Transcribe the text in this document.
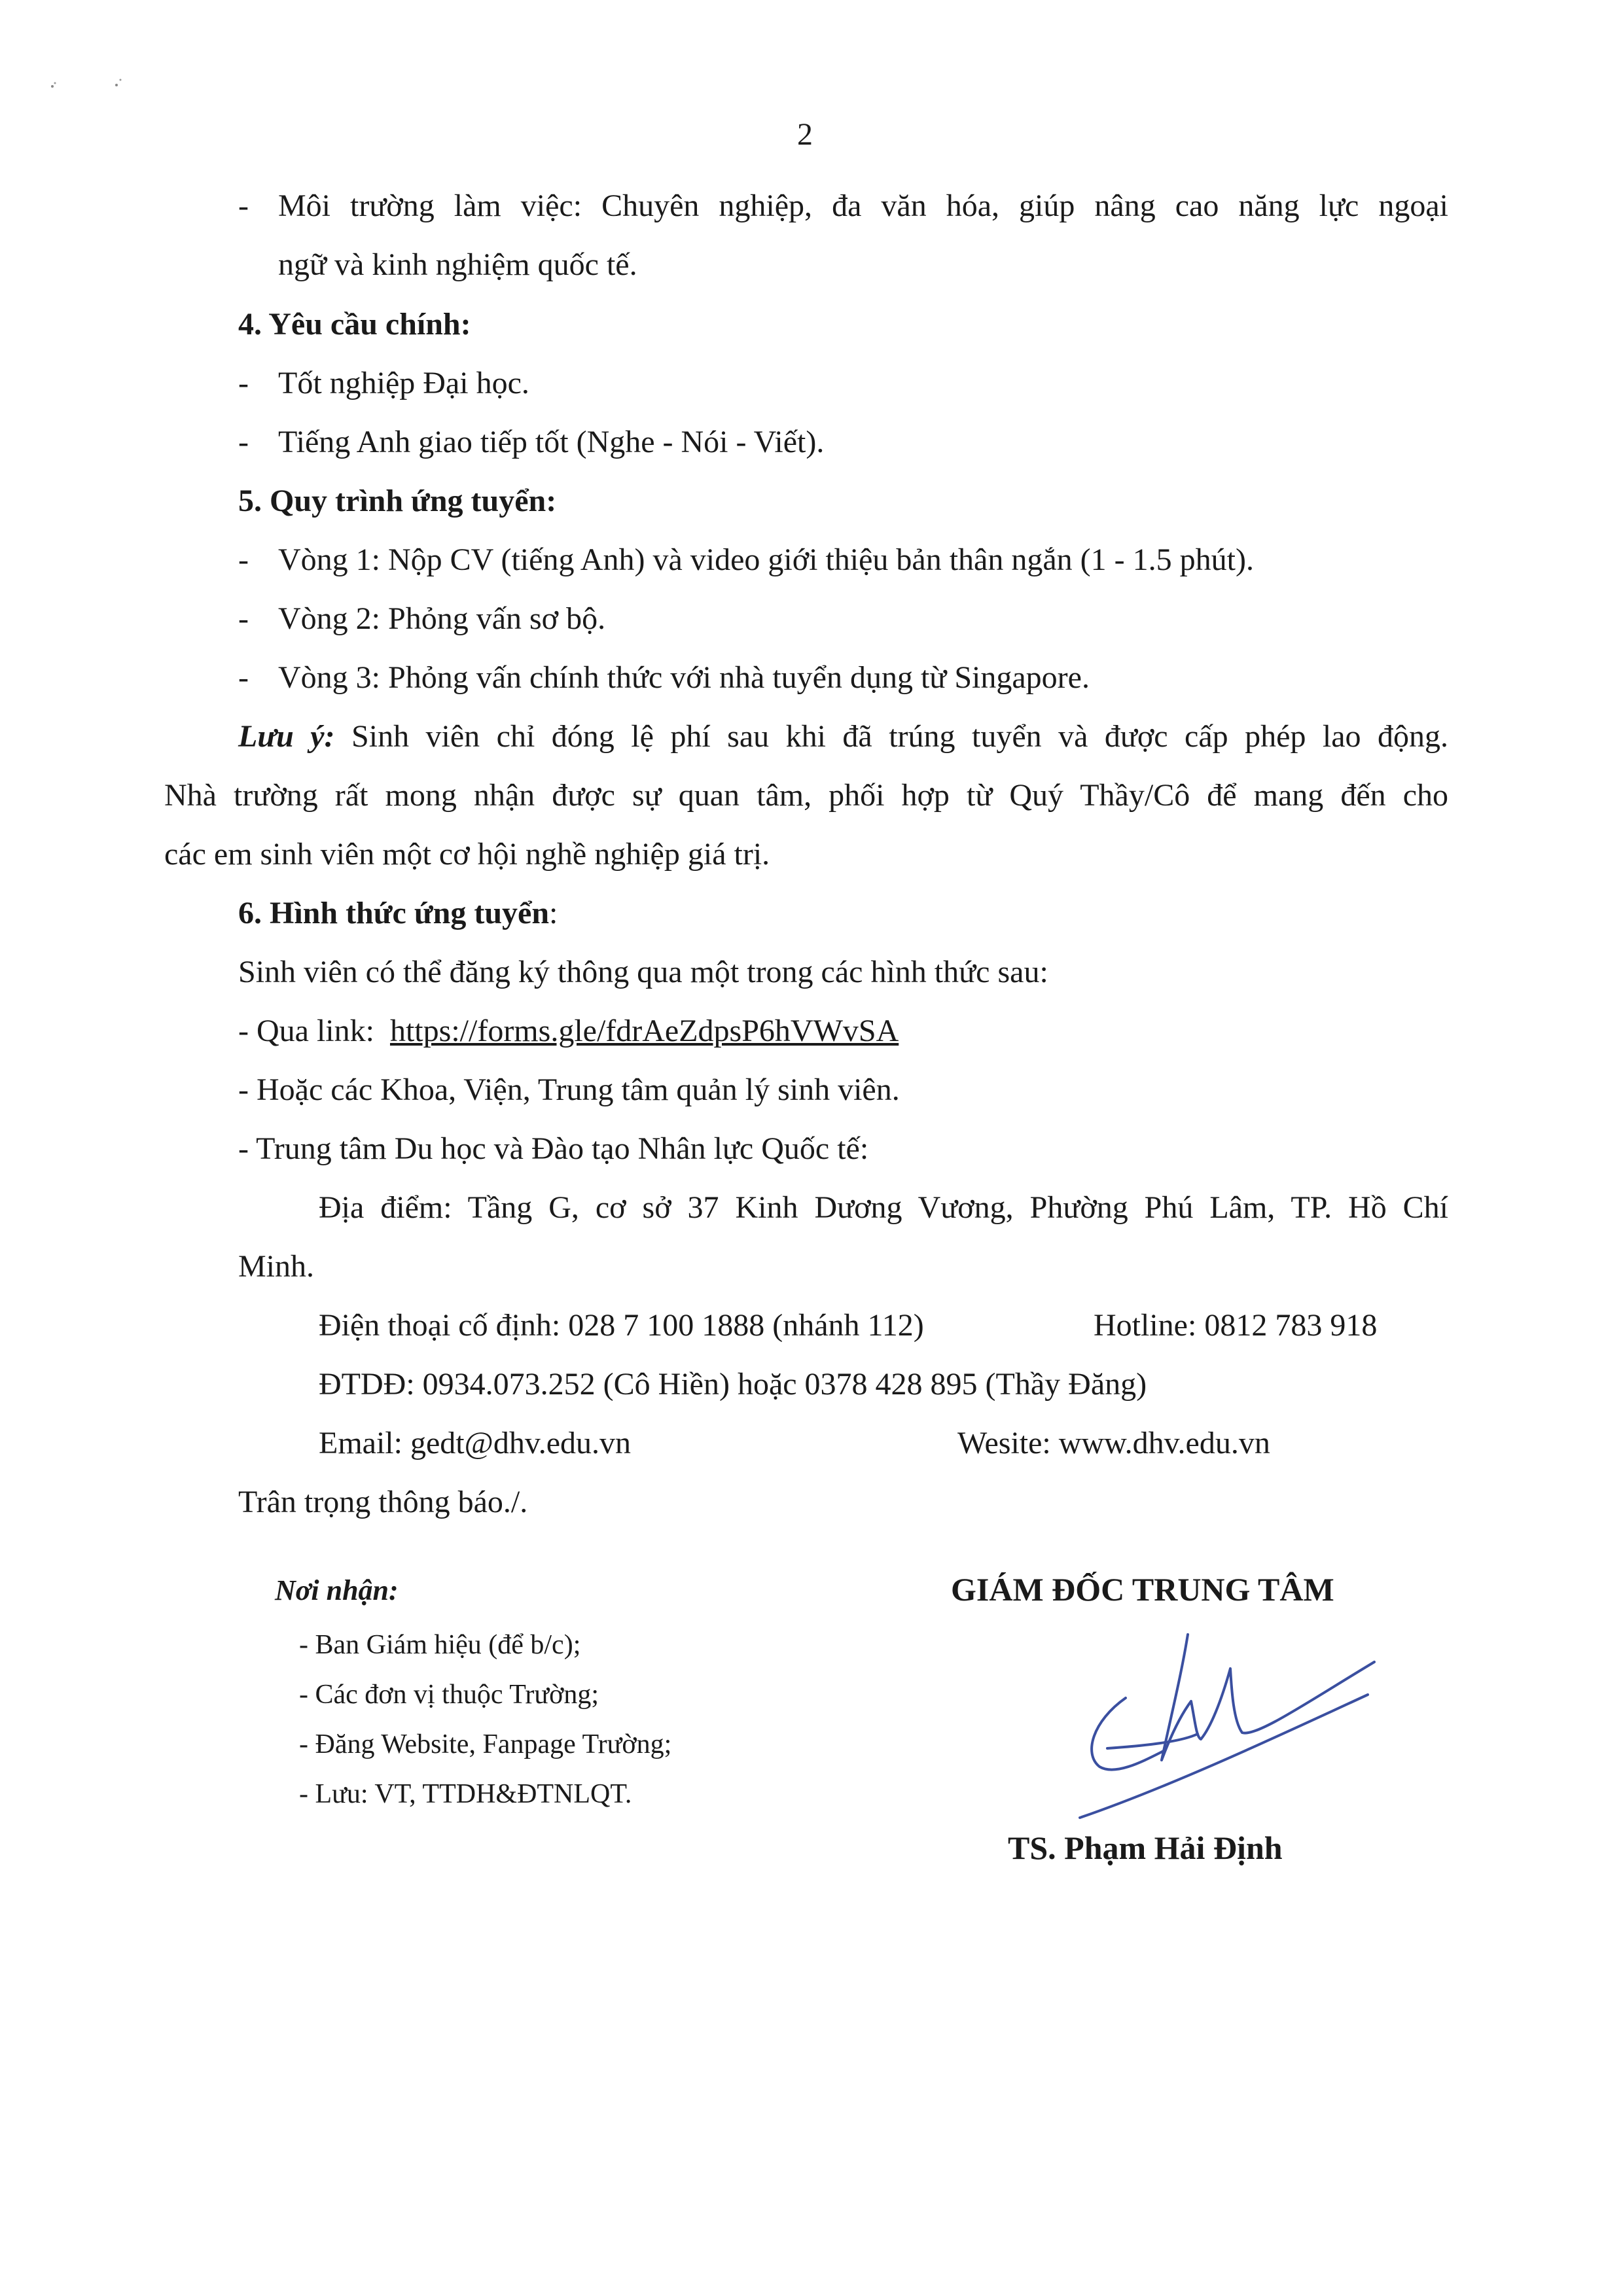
2
- Môi trường làm việc: Chuyên nghiệp, đa văn hóa, giúp nâng cao năng lực ngoại
ngữ và kinh nghiệm quốc tế.
4. Yêu cầu chính:
- Tốt nghiệp Đại học.
- Tiếng Anh giao tiếp tốt (Nghe - Nói - Viết).
5. Quy trình ứng tuyển:
- Vòng 1: Nộp CV (tiếng Anh) và video giới thiệu bản thân ngắn (1 - 1.5 phút).
- Vòng 2: Phỏng vấn sơ bộ.
- Vòng 3: Phỏng vấn chính thức với nhà tuyển dụng từ Singapore.
Lưu ý: Sinh viên chỉ đóng lệ phí sau khi đã trúng tuyển và được cấp phép lao động.
Nhà trường rất mong nhận được sự quan tâm, phối hợp từ Quý Thầy/Cô để mang đến cho
các em sinh viên một cơ hội nghề nghiệp giá trị.
6. Hình thức ứng tuyển:
Sinh viên có thể đăng ký thông qua một trong các hình thức sau:
- Qua link: https://forms.gle/fdrAeZdpsP6hVWvSA
- Hoặc các Khoa, Viện, Trung tâm quản lý sinh viên.
- Trung tâm Du học và Đào tạo Nhân lực Quốc tế:
Địa điểm: Tầng G, cơ sở 37 Kinh Dương Vương, Phường Phú Lâm, TP. Hồ Chí
Minh.
Điện thoại cố định: 028 7 100 1888 (nhánh 112)	Hotline: 0812 783 918
ĐTDĐ: 0934.073.252 (Cô Hiền) hoặc 0378 428 895 (Thầy Đăng)
Email: gedt@dhv.edu.vn	Wesite: www.dhv.edu.vn
Trân trọng thông báo./.
Nơi nhận:
- Ban Giám hiệu (để b/c);
- Các đơn vị thuộc Trường;
- Đăng Website, Fanpage Trường;
- Lưu: VT, TTDH&ĐTNLQT.
GIÁM ĐỐC TRUNG TÂM
TS. Phạm Hải Định
